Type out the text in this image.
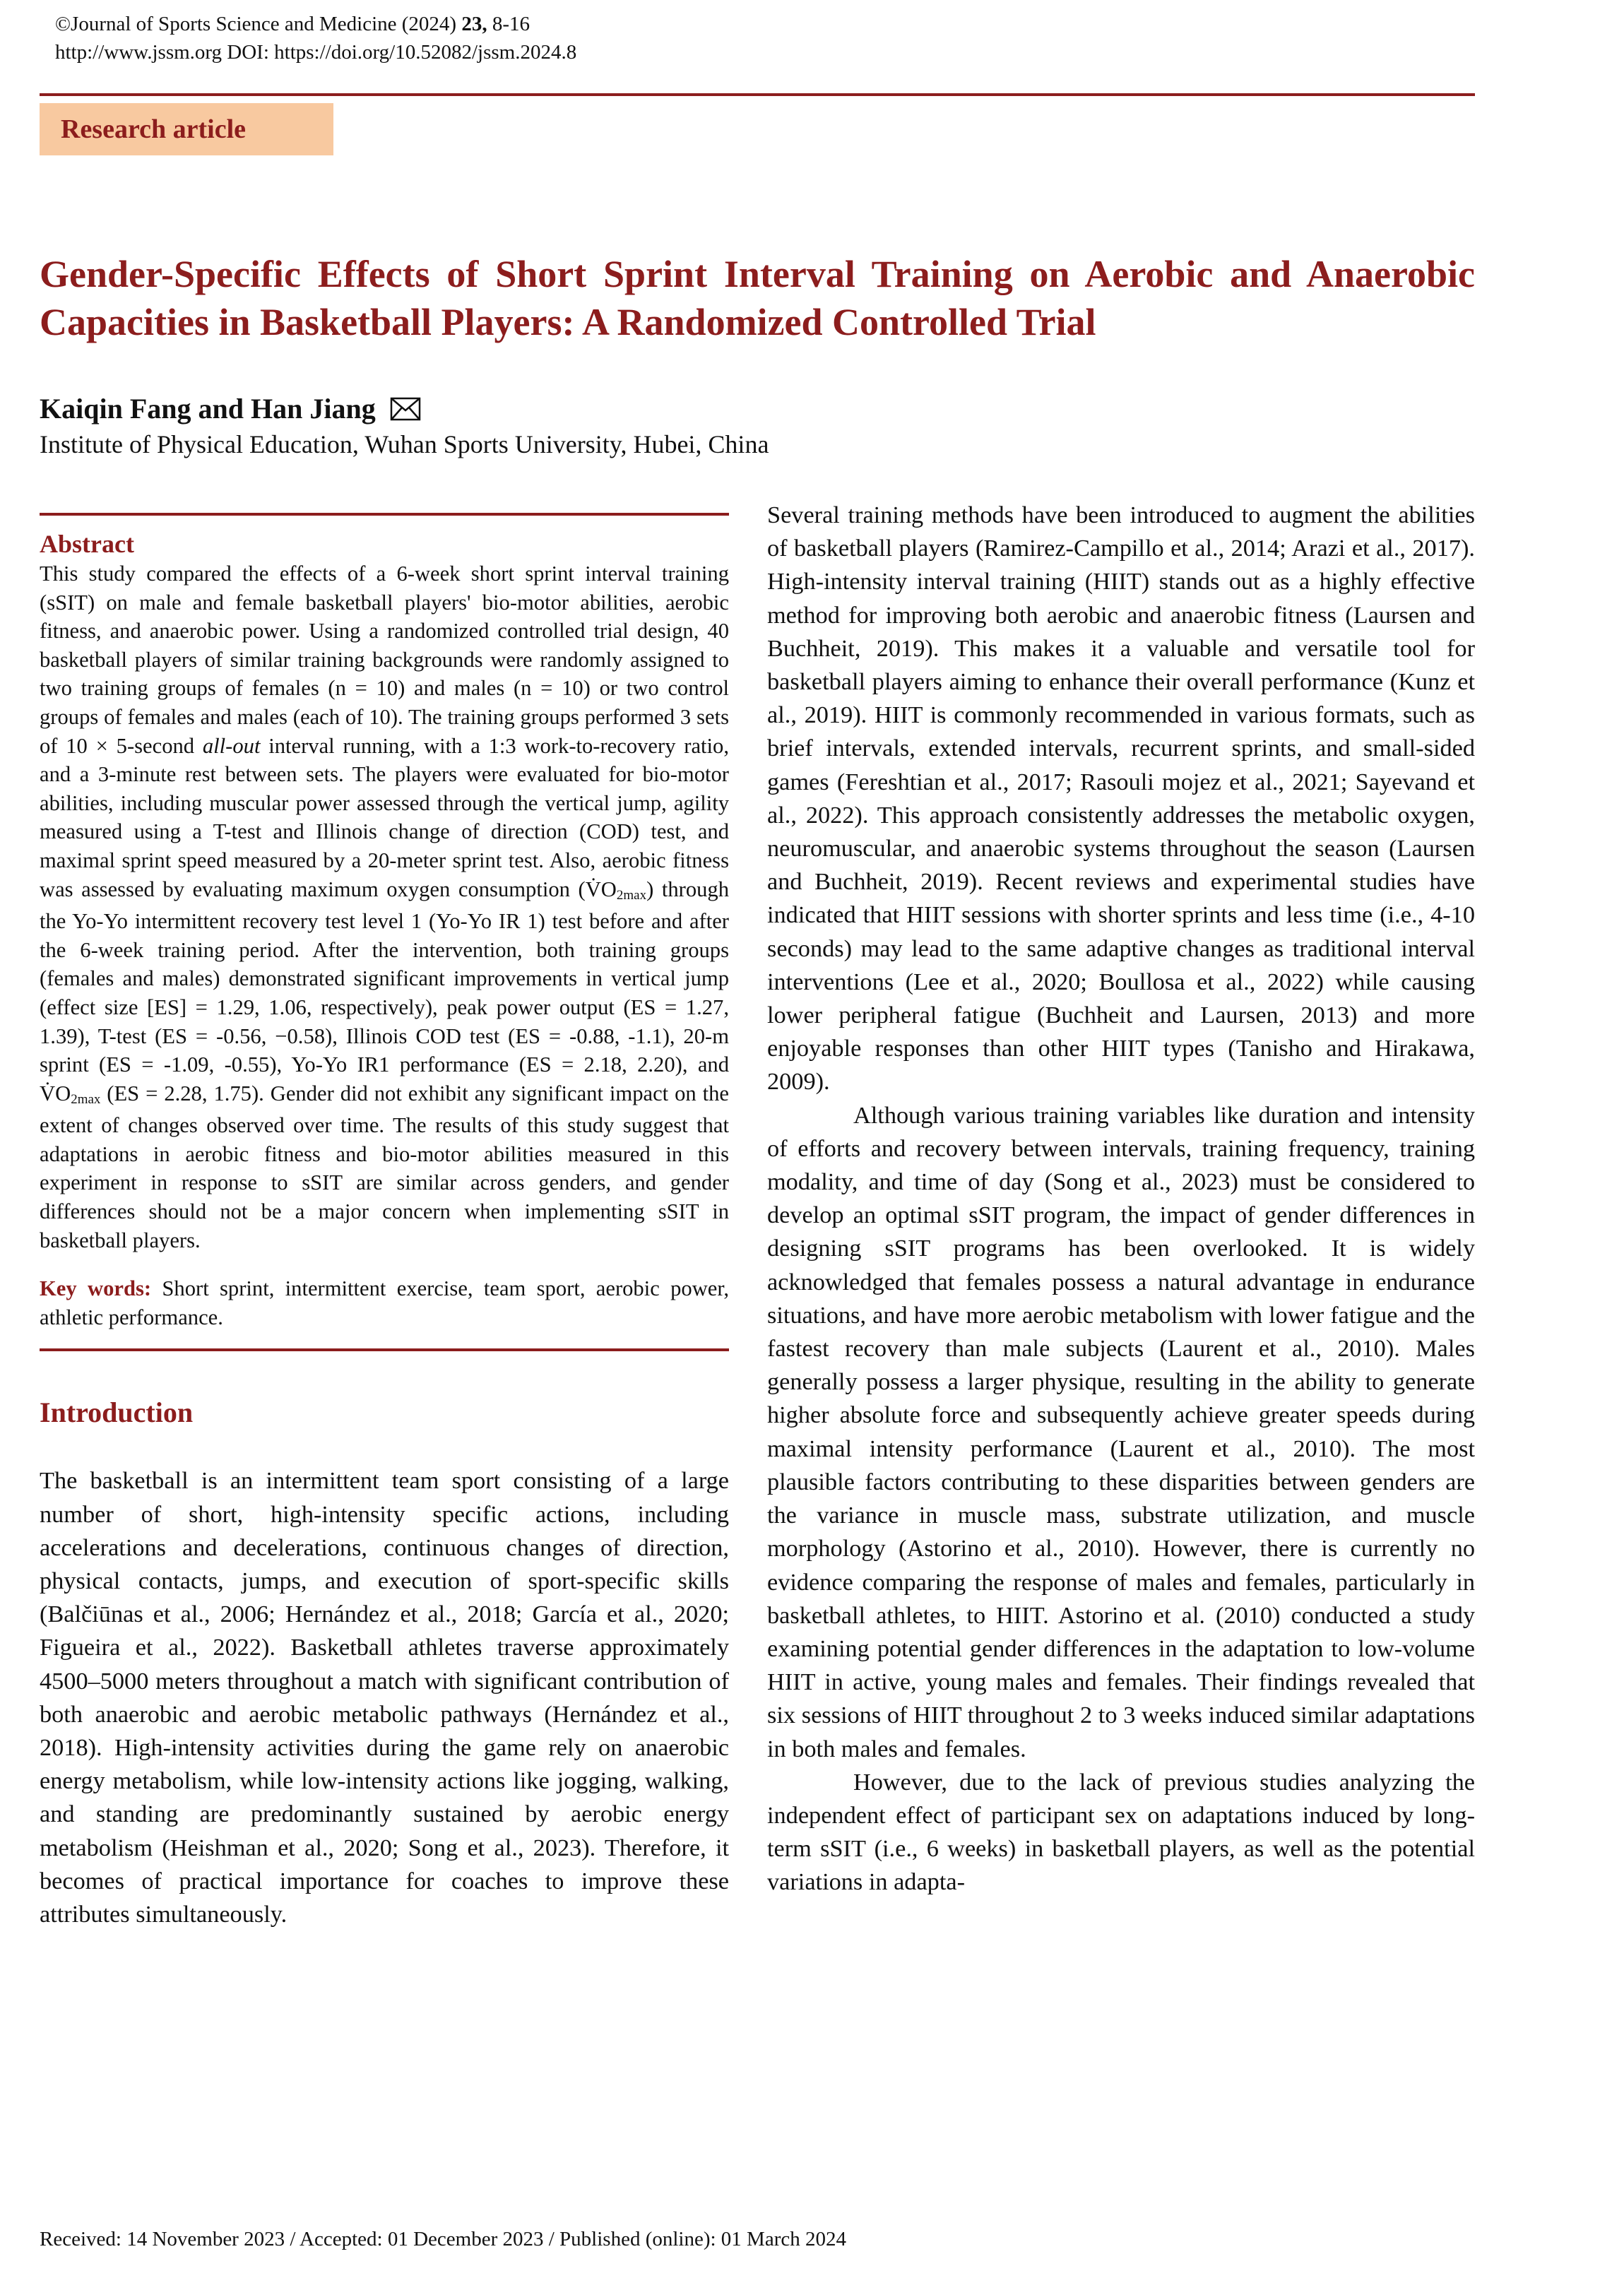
©Journal of Sports Science and Medicine (2024) 23, 8-16
http://www.jssm.org DOI: https://doi.org/10.52082/jssm.2024.8
Research article
Gender-Specific Effects of Short Sprint Interval Training on Aerobic and Anaerobic Capacities in Basketball Players: A Randomized Controlled Trial
Kaiqin Fang and Han Jiang
Institute of Physical Education, Wuhan Sports University, Hubei, China
Abstract
This study compared the effects of a 6-week short sprint interval training (sSIT) on male and female basketball players' bio-motor abilities, aerobic fitness, and anaerobic power. Using a randomized controlled trial design, 40 basketball players of similar training backgrounds were randomly assigned to two training groups of females (n = 10) and males (n = 10) or two control groups of females and males (each of 10). The training groups performed 3 sets of 10 × 5-second all-out interval running, with a 1:3 work-to-recovery ratio, and a 3-minute rest between sets. The players were evaluated for bio-motor abilities, including muscular power assessed through the vertical jump, agility measured using a T-test and Illinois change of direction (COD) test, and maximal sprint speed measured by a 20-meter sprint test. Also, aerobic fitness was assessed by evaluating maximum oxygen consumption $(V̇O_{2max})$ through the Yo-Yo intermittent recovery test level 1 (Yo-Yo IR 1) test before and after the 6-week training period. After the intervention, both training groups (females and males) demonstrated significant improvements in vertical jump (effect size [ES] = 1.29, 1.06, respectively), peak power output (ES = 1.27, 1.39), T-test (ES = -0.56, −0.58), Illinois COD test (ES = -0.88, -1.1), 20-m sprint (ES = -1.09, -0.55), Yo-Yo IR1 performance (ES = 2.18, 2.20), and $V̇O_{2max}$ (ES = 2.28, 1.75). Gender did not exhibit any significant impact on the extent of changes observed over time. The results of this study suggest that adaptations in aerobic fitness and bio-motor abilities measured in this experiment in response to sSIT are similar across genders, and gender differences should not be a major concern when implementing sSIT in basketball players.
Key words: Short sprint, intermittent exercise, team sport, aerobic power, athletic performance.
Introduction

The basketball is an intermittent team sport consisting of a large number of short, high-intensity specific actions, including accelerations and decelerations, continuous changes of direction, physical contacts, jumps, and execution of sport-specific skills (Balčiūnas et al., 2006; Hernández et al., 2018; García et al., 2020; Figueira et al., 2022). Basketball athletes traverse approximately 4500–5000 meters throughout a match with significant contribution of both anaerobic and aerobic metabolic pathways (Hernández et al., 2018). High-intensity activities during the game rely on anaerobic energy metabolism, while low-intensity actions like jogging, walking, and standing are predominantly sustained by aerobic energy metabolism (Heishman et al., 2020; Song et al., 2023). Therefore, it becomes of practical importance for coaches to improve these attributes simultaneously.

Several training methods have been introduced to augment the abilities of basketball players (Ramirez-Campillo et al., 2014; Arazi et al., 2017). High-intensity interval training (HIIT) stands out as a highly effective method for improving both aerobic and anaerobic fitness (Laursen and Buchheit, 2019). This makes it a valuable and versatile tool for basketball players aiming to enhance their overall performance (Kunz et al., 2019). HIIT is commonly recommended in various formats, such as brief intervals, extended intervals, recurrent sprints, and small-sided games (Fereshtian et al., 2017; Rasouli mojez et al., 2021; Sayevand et al., 2022). This approach consistently addresses the metabolic oxygen, neuromuscular, and anaerobic systems throughout the season (Laursen and Buchheit, 2019). Recent reviews and experimental studies have indicated that HIIT sessions with shorter sprints and less time (i.e., 4-10 seconds) may lead to the same adaptive changes as traditional interval interventions (Lee et al., 2020; Boullosa et al., 2022) while causing lower peripheral fatigue (Buchheit and Laursen, 2013) and more enjoyable responses than other HIIT types (Tanisho and Hirakawa, 2009).

Although various training variables like duration and intensity of efforts and recovery between intervals, training frequency, training modality, and time of day (Song et al., 2023) must be considered to develop an optimal sSIT program, the impact of gender differences in designing sSIT programs has been overlooked. It is widely acknowledged that females possess a natural advantage in endurance situations, and have more aerobic metabolism with lower fatigue and the fastest recovery than male subjects (Laurent et al., 2010). Males generally possess a larger physique, resulting in the ability to generate higher absolute force and subsequently achieve greater speeds during maximal intensity performance (Laurent et al., 2010). The most plausible factors contributing to these disparities between genders are the variance in muscle mass, substrate utilization, and muscle morphology (Astorino et al., 2010). However, there is currently no evidence comparing the response of males and females, particularly in basketball athletes, to HIIT. Astorino et al. (2010) conducted a study examining potential gender differences in the adaptation to low-volume HIIT in active, young males and females. Their findings revealed that six sessions of HIIT throughout 2 to 3 weeks induced similar adaptations in both males and females.

However, due to the lack of previous studies analyzing the independent effect of participant sex on adaptations induced by long-term sSIT (i.e., 6 weeks) in basketball players, as well as the potential variations in adapta-

Received: 14 November 2023 / Accepted: 01 December 2023 / Published (online): 01 March 2024
